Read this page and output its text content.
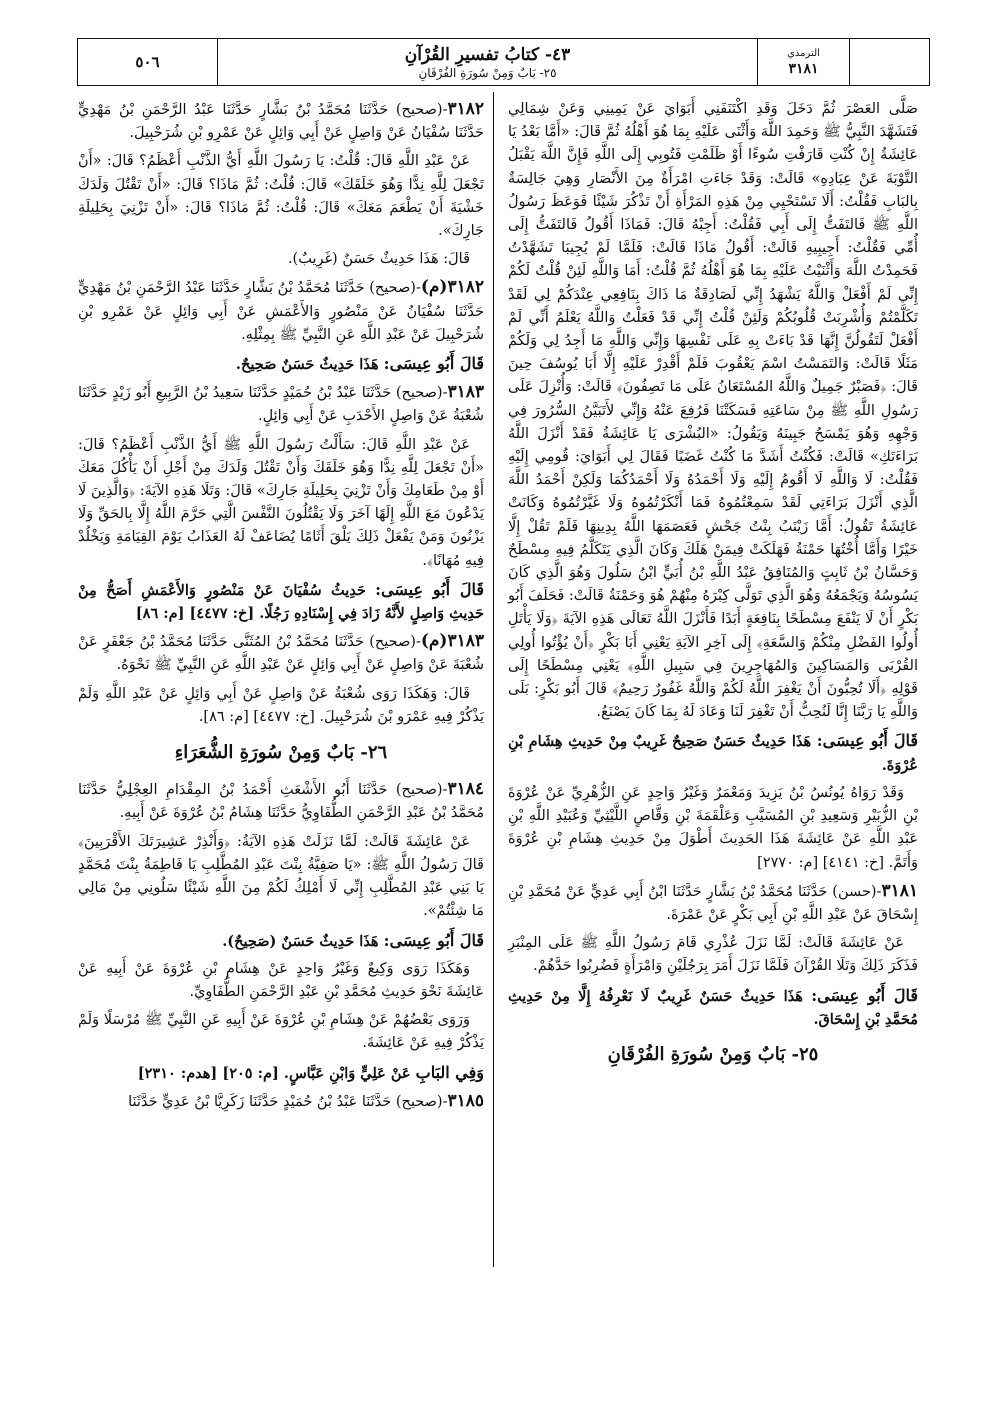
الترمذي
٣١٨١
٤٣- كتابُ تفسيرِ القُرْآنِ
٢٥- بَابٌ وَمِنْ سُورَةِ الفُرْقَانِ
٥٠٦

صَلَّى العَصْرَ ثُمَّ دَخَلَ وَقَدِ اكْتَنَفَنِي أَبَوَايَ عَنْ يَمِينِي وَعَنْ شِمَالِي فَتَشَهَّدَ النَّبِيُّ ﷺ وَحَمِدَ اللَّهَ وَأَثْنَى عَلَيْهِ بِمَا هُوَ أَهْلُهُ ثُمَّ قَالَ: «أَمَّا بَعْدُ يَا عَائِشَةُ إِنْ كُنْتِ قَارَفْتِ سُوءًا أَوْ ظَلَمْتِ فَتُوبِي إِلَى اللَّهِ فَإِنَّ اللَّهَ يَقْبَلُ التَّوْبَةَ عَنْ عِبَادِهِ» قَالَتْ: وَقَدْ جَاءَتِ امْرَأَةٌ مِنَ الأَنْصَارِ وَهِيَ جَالِسَةٌ بِالبَابِ فَقُلْتُ: أَلَا تَسْتَحْيِي مِنْ هَذِهِ المَرْأَةِ أَنْ تَذْكُرَ شَيْئًا فَوَعَظَ رَسُولُ اللَّهِ ﷺ فَالتَفَتُّ إِلَى أَبِي فَقُلْتُ: أَجِبْهُ قَالَ: فَمَاذَا أَقُولُ فَالتَفَتُّ إِلَى أُمِّي فَقُلْتُ: أَجِيبِيهِ قَالَتْ: أَقُولُ مَاذَا قَالَتْ: فَلَمَّا لَمْ يُجِيبَا تَشَهَّدْتُ فَحَمِدْتُ اللَّهَ وَأَثْنَيْتُ عَلَيْهِ بِمَا هُوَ أَهْلُهُ ثُمَّ قُلْتُ: أَمَا وَاللَّهِ لَئِنْ قُلْتُ لَكُمْ إِنِّي لَمْ أَفْعَلْ وَاللَّهُ يَشْهَدُ إِنِّي لَصَادِقَةٌ مَا ذَاكَ بِنَافِعِي عِنْدَكُمْ لِي لَقَدْ تَكَلَّمْتُمْ وَأُشْرِبَتْ قُلُوبُكُمْ وَلَئِنْ قُلْتُ إِنِّي قَدْ فَعَلْتُ وَاللَّهُ يَعْلَمُ أَنِّي لَمْ أَفْعَلْ لَتَقُولُنَّ إِنَّهَا قَدْ بَاءَتْ بِهِ عَلَى نَفْسِهَا وَإِنِّي وَاللَّهِ مَا أَجِدُ لِي وَلَكُمْ مَثَلًا قَالَتْ: وَالتَمَسْتُ اسْمَ يَعْقُوبَ فَلَمْ أَقْدِرْ عَلَيْهِ إِلَّا أَبَا يُوسُفَ حِينَ قَالَ: ﴿فَصَبْرٌ جَمِيلٌ وَاللَّهُ المُسْتَعَانُ عَلَى مَا تَصِفُونَ﴾ قَالَتْ: وَأُنْزِلَ عَلَى رَسُولِ اللَّهِ ﷺ مِنْ سَاعَتِهِ فَسَكَتْنَا فَرُفِعَ عَنْهُ وَإِنِّي لأَتَبَيَّنُ السُّرُورَ فِي وَجْهِهِ وَهُوَ يَمْسَحُ جَبِينَهُ وَيَقُولُ: «البُشْرَى يَا عَائِشَةُ فَقَدْ أَنْزَلَ اللَّهُ بَرَاءَتَكِ» قَالَتْ: فَكُنْتُ أَشَدَّ مَا كُنْتُ غَضَبًا فَقَالَ لِي أَبَوَايَ: قُومِي إِلَيْهِ فَقُلْتُ: لَا وَاللَّهِ لَا أَقُومُ إِلَيْهِ وَلَا أَحْمَدُهُ وَلَا أَحْمَدُكُمَا وَلَكِنْ أَحْمَدُ اللَّهَ الَّذِي أَنْزَلَ بَرَاءَتِي لَقَدْ سَمِعْتُمُوهُ فَمَا أَنْكَرْتُمُوهُ وَلَا غَيَّرْتُمُوهُ وَكَانَتْ عَائِشَةُ تَقُولُ: أَمَّا زَيْنَبُ بِنْتُ جَحْشٍ فَعَصَمَهَا اللَّهُ بِدِينِهَا فَلَمْ تَقُلْ إِلَّا خَيْرًا وَأَمَّا أُخْتُهَا حَمْنَةُ فَهَلَكَتْ فِيمَنْ هَلَكَ وَكَانَ الَّذِي يَتَكَلَّمُ فِيهِ مِسْطَحٌ وَحَسَّانُ بْنُ ثَابِتٍ وَالمُنَافِقُ عَبْدُ اللَّهِ بْنُ أُبَيٍّ ابْنُ سَلُولَ وَهُوَ الَّذِي كَانَ يَسُوسُهُ وَيَجْمَعُهُ وَهُوَ الَّذِي تَوَلَّى كِبْرَهُ مِنْهُمْ هُوَ وَحَمْنَةُ قَالَتْ: فَحَلَفَ أَبُو بَكْرٍ أَنْ لَا يَنْفَعَ مِسْطَحًا بِنَافِعَةٍ أَبَدًا فَأَنْزَلَ اللَّهُ تَعَالَى هَذِهِ الآيَةَ ﴿وَلَا يَأْتَلِ أُولُوا الفَضْلِ مِنْكُمْ وَالسَّعَةِ﴾ إِلَى آخِرِ الآيَةِ يَعْنِي أَبَا بَكْرٍ ﴿أَنْ يُؤْتُوا أُولِي القُرْبَى وَالمَسَاكِينَ وَالمُهَاجِرِينَ فِي سَبِيلِ اللَّهِ﴾ يَعْنِي مِسْطَحًا إِلَى قَوْلِهِ ﴿أَلَا تُحِبُّونَ أَنْ يَغْفِرَ اللَّهُ لَكُمْ وَاللَّهُ غَفُورٌ رَحِيمٌ﴾ قَالَ أَبُو بَكْرٍ: بَلَى وَاللَّهِ يَا رَبَّنَا إِنَّا لَنُحِبُّ أَنْ تَغْفِرَ لَنَا وَعَادَ لَهُ بِمَا كَانَ يَصْنَعُ.

قَالَ أَبُو عِيسَى: هَذَا حَدِيثٌ حَسَنٌ صَحِيحٌ غَرِيبٌ مِنْ حَدِيثِ هِشَامِ بْنِ عُرْوَةَ.

وَقَدْ رَوَاهُ يُونُسُ بْنُ يَزِيدَ وَمَعْمَرٌ وَغَيْرُ وَاحِدٍ عَنِ الزُّهْرِيِّ عَنْ عُرْوَةَ بْنِ الزُّبَيْرِ وَسَعِيدِ بْنِ المُسَيَّبِ وَعَلْقَمَةَ بْنِ وَقَّاصٍ اللَّيْثِيِّ وَعُبَيْدِ اللَّهِ بْنِ عَبْدِ اللَّهِ عَنْ عَائِشَةَ هَذَا الحَدِيثَ أَطْوَلَ مِنْ حَدِيثِ هِشَامِ بْنِ عُرْوَةَ وَأَتَمَّ. [خ: ٤١٤١] [م: ٢٧٧٠]

٣١٨١-(حسن) حَدَّثَنَا مُحَمَّدُ بْنُ بَشَّارٍ حَدَّثَنَا ابْنُ أَبِي عَدِيٍّ عَنْ مُحَمَّدِ بْنِ إِسْحَاقَ عَنْ عَبْدِ اللَّهِ بْنِ أَبِي بَكْرٍ عَنْ عَمْرَةَ.

عَنْ عَائِشَةَ قَالَتْ: لَمَّا نَزَلَ عُذْرِي قَامَ رَسُولُ اللَّهِ ﷺ عَلَى المِنْبَرِ فَذَكَرَ ذَلِكَ وَتَلَا القُرْآنَ فَلَمَّا نَزَلَ أَمَرَ بِرَجُلَيْنِ وَامْرَأَةٍ فَضُرِبُوا حَدَّهُمْ.

قَالَ أَبُو عِيسَى: هَذَا حَدِيثٌ حَسَنٌ غَرِيبٌ لَا نَعْرِفُهُ إِلَّا مِنْ حَدِيثِ مُحَمَّدِ بْنِ إِسْحَاقَ.

٢٥- بَابٌ وَمِنْ سُورَةِ الفُرْقَانِ

٣١٨٢-(صحيح) حَدَّثَنَا مُحَمَّدُ بْنُ بَشَّارٍ حَدَّثَنَا عَبْدُ الرَّحْمَنِ بْنُ مَهْدِيٍّ حَدَّثَنَا سُفْيَانُ عَنْ وَاصِلٍ عَنْ أَبِي وَائِلٍ عَنْ عَمْرِو بْنِ شُرَحْبِيلَ.

عَنْ عَبْدِ اللَّهِ قَالَ: قُلْتُ: يَا رَسُولَ اللَّهِ أَيُّ الذَّنْبِ أَعْظَمُ؟ قَالَ: «أَنْ تَجْعَلَ لِلَّهِ نِدًّا وَهُوَ خَلَقَكَ» قَالَ: قُلْتُ: ثُمَّ مَاذَا؟ قَالَ: «أَنْ تَقْتُلَ وَلَدَكَ خَشْيَةَ أَنْ يَطْعَمَ مَعَكَ» قَالَ: قُلْتُ: ثُمَّ مَاذَا؟ قَالَ: «أَنْ تَزْنِيَ بِحَلِيلَةِ جَارِكَ».

قَالَ: هَذَا حَدِيثٌ حَسَنٌ (غَرِيبٌ).

٣١٨٢(م)-(صحيح) حَدَّثَنَا مُحَمَّدُ بْنُ بَشَّارٍ حَدَّثَنَا عَبْدُ الرَّحْمَنِ بْنُ مَهْدِيٍّ حَدَّثَنَا سُفْيَانُ عَنْ مَنْصُورٍ وَالأَعْمَشِ عَنْ أَبِي وَائِلٍ عَنْ عَمْرِو بْنِ شُرَحْبِيلَ عَنْ عَبْدِ اللَّهِ عَنِ النَّبِيِّ ﷺ بِمِثْلِهِ.

قَالَ أَبُو عِيسَى: هَذَا حَدِيثٌ حَسَنٌ صَحِيحٌ.

٣١٨٣-(صحيح) حَدَّثَنَا عَبْدُ بْنُ حُمَيْدٍ حَدَّثَنَا سَعِيدُ بْنُ الرَّبِيعِ أَبُو زَيْدٍ حَدَّثَنَا شُعْبَةُ عَنْ وَاصِلٍ الأَحْدَبِ عَنْ أَبِي وَائِلٍ.

عَنْ عَبْدِ اللَّهِ قَالَ: سَأَلْتُ رَسُولَ اللَّهِ ﷺ أَيُّ الذَّنْبِ أَعْظَمُ؟ قَالَ: «أَنْ تَجْعَلَ لِلَّهِ نِدًّا وَهُوَ خَلَقَكَ وَأَنْ تَقْتُلَ وَلَدَكَ مِنْ أَجْلِ أَنْ يَأْكُلَ مَعَكَ أَوْ مِنْ طَعَامِكَ وَأَنْ تَزْنِيَ بِحَلِيلَةِ جَارِكَ» قَالَ: وَتَلَا هَذِهِ الآيَةَ: ﴿وَالَّذِينَ لَا يَدْعُونَ مَعَ اللَّهِ إِلَهًا آخَرَ وَلَا يَقْتُلُونَ النَّفْسَ الَّتِي حَرَّمَ اللَّهُ إِلَّا بِالحَقِّ وَلَا يَزْنُونَ وَمَنْ يَفْعَلْ ذَلِكَ يَلْقَ أَثَامًا يُضَاعَفْ لَهُ العَذَابُ يَوْمَ القِيَامَةِ وَيَخْلُدْ فِيهِ مُهَانًا﴾.

قَالَ أَبُو عِيسَى: حَدِيثُ سُفْيَانَ عَنْ مَنْصُورٍ وَالأَعْمَشِ أَصَحُّ مِنْ حَدِيثِ وَاصِلٍ لأَنَّهُ زَادَ فِي إِسْنَادِهِ رَجُلًا. [خ: ٤٤٧٧] [م: ٨٦]

٣١٨٣(م)-(صحيح) حَدَّثَنَا مُحَمَّدُ بْنُ المُثَنَّى حَدَّثَنَا مُحَمَّدُ بْنُ جَعْفَرٍ عَنْ شُعْبَةَ عَنْ وَاصِلٍ عَنْ أَبِي وَائِلٍ عَنْ عَبْدِ اللَّهِ عَنِ النَّبِيِّ ﷺ نَحْوَهُ.

قَالَ: وَهَكَذَا رَوَى شُعْبَةُ عَنْ وَاصِلٍ عَنْ أَبِي وَائِلٍ عَنْ عَبْدِ اللَّهِ وَلَمْ يَذْكُرْ فِيهِ عَمْرَو بْنَ شُرَحْبِيلَ. [خ: ٤٤٧٧] [م: ٨٦].

٢٦- بَابٌ وَمِنْ سُورَةِ الشُّعَرَاءِ

٣١٨٤-(صحيح) حَدَّثَنَا أَبُو الأَشْعَثِ أَحْمَدُ بْنُ المِقْدَامِ العِجْلِيُّ حَدَّثَنَا مُحَمَّدُ بْنُ عَبْدِ الرَّحْمَنِ الطُّفَاوِيُّ حَدَّثَنَا هِشَامُ بْنُ عُرْوَةَ عَنْ أَبِيهِ.

عَنْ عَائِشَةَ قَالَتْ: لَمَّا نَزَلَتْ هَذِهِ الآيَةُ: ﴿وَأَنْذِرْ عَشِيرَتَكَ الأَقْرَبِينَ﴾ قَالَ رَسُولُ اللَّهِ ﷺ: «يَا صَفِيَّةُ بِنْتَ عَبْدِ المُطَّلِبِ يَا فَاطِمَةُ بِنْتَ مُحَمَّدٍ يَا بَنِي عَبْدِ المُطَّلِبِ إِنِّي لَا أَمْلِكُ لَكُمْ مِنَ اللَّهِ شَيْئًا سَلُونِي مِنْ مَالِي مَا شِئْتُمْ».

قَالَ أَبُو عِيسَى: هَذَا حَدِيثٌ حَسَنٌ (صَحِيحٌ).

وَهَكَذَا رَوَى وَكِيعٌ وَغَيْرُ وَاحِدٍ عَنْ هِشَامِ بْنِ عُرْوَةَ عَنْ أَبِيهِ عَنْ عَائِشَةَ نَحْوَ حَدِيثِ مُحَمَّدِ بْنِ عَبْدِ الرَّحْمَنِ الطُّفَاوِيِّ.

وَرَوَى بَعْضُهُمْ عَنْ هِشَامِ بْنِ عُرْوَةَ عَنْ أَبِيهِ عَنِ النَّبِيِّ ﷺ مُرْسَلًا وَلَمْ يَذْكُرْ فِيهِ عَنْ عَائِشَةَ.

وَفِي البَابِ عَنْ عَلِيٍّ وَابْنِ عَبَّاسٍ. [م: ٢٠٥] [هدم: ٢٣١٠]

٣١٨٥-(صحيح) حَدَّثَنَا عَبْدُ بْنُ حُمَيْدٍ حَدَّثَنَا زَكَرِيَّا بْنُ عَدِيٍّ حَدَّثَنَا
